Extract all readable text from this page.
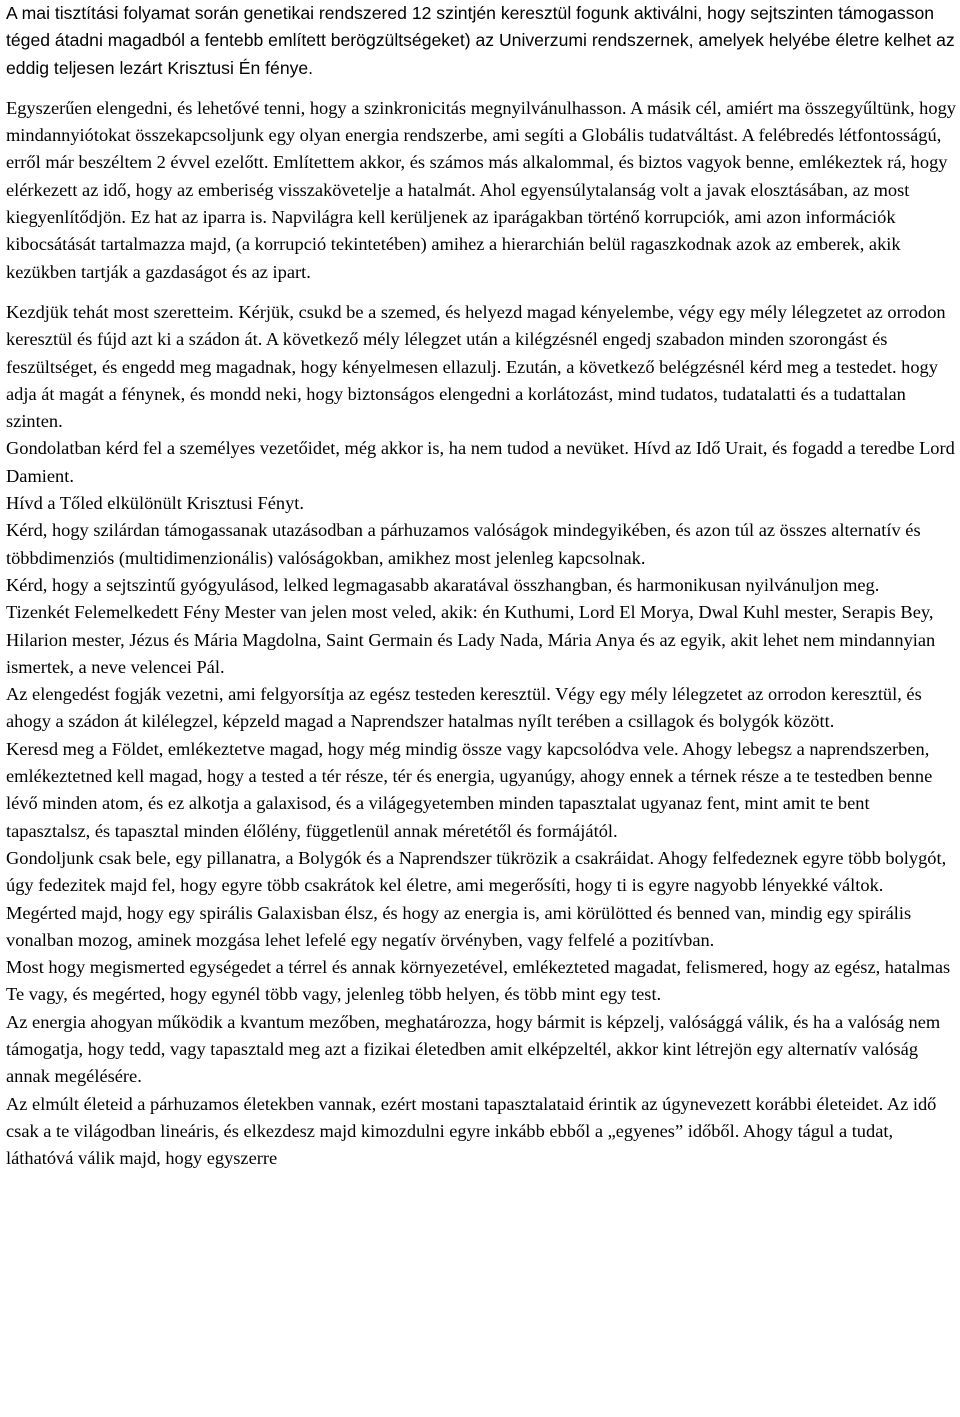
A mai tisztítási folyamat során genetikai rendszered 12 szintjén keresztül fogunk aktiválni, hogy sejtszinten támogasson téged átadni magadból a fentebb említett berögzültségeket) az Univerzumi rendszernek, amelyek helyébe életre kelhet az eddig teljesen lezárt Krisztusi Én fénye.

Egyszerűen elengedni, és lehetővé tenni, hogy a szinkronicitás megnyilvánulhasson. A másik cél, amiért ma összegyűltünk, hogy mindannyiótokat összekapcsoljunk egy olyan energia rendszerbe, ami segíti a Globális tudatváltást. A felébredés létfontosságú, erről már beszéltem 2 évvel ezelőtt. Említettem akkor, és számos más alkalommal, és biztos vagyok benne, emlékeztek rá, hogy elérkezett az idő, hogy az emberiség visszakövetelje a hatalmát. Ahol egyensúlytalanság volt a javak elosztásában, az most kiegyenlítődjön. Ez hat az iparra is. Napvilágra kell kerüljenek az iparágakban történő korrupciók, ami azon információk kibocsátását tartalmazza majd, (a korrupció tekintetében) amihez a hierarchián belül ragaszkodnak azok az emberek, akik kezükben tartják a gazdaságot és az ipart.

Kezdjük tehát most szeretteim. Kérjük, csukd be a szemed, és helyezd magad kényelembe, végy egy mély lélegzetet az orrodon keresztül és fújd azt ki a szádon át. A következő mély lélegzet után a kilégzésnél engedj szabadon minden szorongást és feszültséget, és engedd meg magadnak, hogy kényelmesen ellazulj. Ezután, a következő belégzésnél kérd meg a testedet. hogy adja át magát a fénynek, és mondd neki, hogy biztonságos elengedni a korlátozást, mind tudatos, tudatalatti és a tudattalan szinten.

Gondolatban kérd fel a személyes vezetőidet, még akkor is, ha nem tudod a nevüket. Hívd az Idő Urait, és fogadd a teredbe Lord Damient.

Hívd a Tőled elkülönült Krisztusi Fényt.

Kérd, hogy szilárdan támogassanak utazásodban a párhuzamos valóságok mindegyikében, és azon túl az összes alternatív és többdimenziós (multidimenzionális) valóságokban, amikhez most jelenleg kapcsolnak.

Kérd, hogy a sejtszintű gyógyulásod, lelked legmagasabb akaratával összhangban, és harmonikusan nyilvánuljon meg.

Tizenkét Felemelkedett Fény Mester van jelen most veled, akik: én Kuthumi, Lord El Morya, Dwal Kuhl mester, Serapis Bey, Hilarion mester, Jézus és Mária Magdolna, Saint Germain és Lady Nada, Mária Anya és az egyik, akit lehet nem mindannyian ismertek, a neve velencei Pál.

Az elengedést fogják vezetni, ami felgyorsítja az egész testeden keresztül. Végy egy mély lélegzetet az orrodon keresztül, és ahogy a szádon át kilélegzel, képzeld magad a Naprendszer hatalmas nyílt terében a csillagok és bolygók között.

Keresd meg a Földet, emlékeztetve magad, hogy még mindig össze vagy kapcsolódva vele. Ahogy lebegsz a naprendszerben, emlékeztetned kell magad, hogy a tested a tér része, tér és energia, ugyanúgy, ahogy ennek a térnek része a te testedben benne lévő minden atom, és ez alkotja a galaxisod, és a világegyetemben minden tapasztalat ugyanaz fent, mint amit te bent tapasztalsz, és tapasztal minden élőlény, függetlenül annak méretétől és formájától.

Gondoljunk csak bele, egy pillanatra, a Bolygók és a Naprendszer tükrözik a csakráidat. Ahogy felfedeznek egyre több bolygót, úgy fedezitek majd fel, hogy egyre több csakrátok kel életre, ami megerősíti, hogy ti is egyre nagyobb lényekké váltok. Megérted majd, hogy egy spirális Galaxisban élsz, és hogy az energia is, ami körülötted és benned van, mindig egy spirális vonalban mozog, aminek mozgása lehet lefelé egy negatív örvényben, vagy felfelé a pozitívban.

Most hogy megismerted egységedet a térrel és annak környezetével, emlékezteted magadat, felismered, hogy az egész, hatalmas Te vagy, és megérted, hogy egynél több vagy, jelenleg több helyen, és több mint egy test.

Az energia ahogyan működik a kvantum mezőben, meghatározza, hogy bármit is képzelj, valósággá válik, és ha a valóság nem támogatja, hogy tedd, vagy tapasztald meg azt a fizikai életedben amit elképzeltél, akkor kint létrejön egy alternatív valóság annak megélésére.

Az elmúlt életeid a párhuzamos életekben vannak, ezért mostani tapasztalataid érintik az úgynevezett korábbi életeidet. Az idő csak a te világodban lineáris, és elkezdesz majd kimozdulni egyre inkább ebből a „egyenes” időből. Ahogy tágul a tudat, láthatóvá válik majd, hogy egyszerre
